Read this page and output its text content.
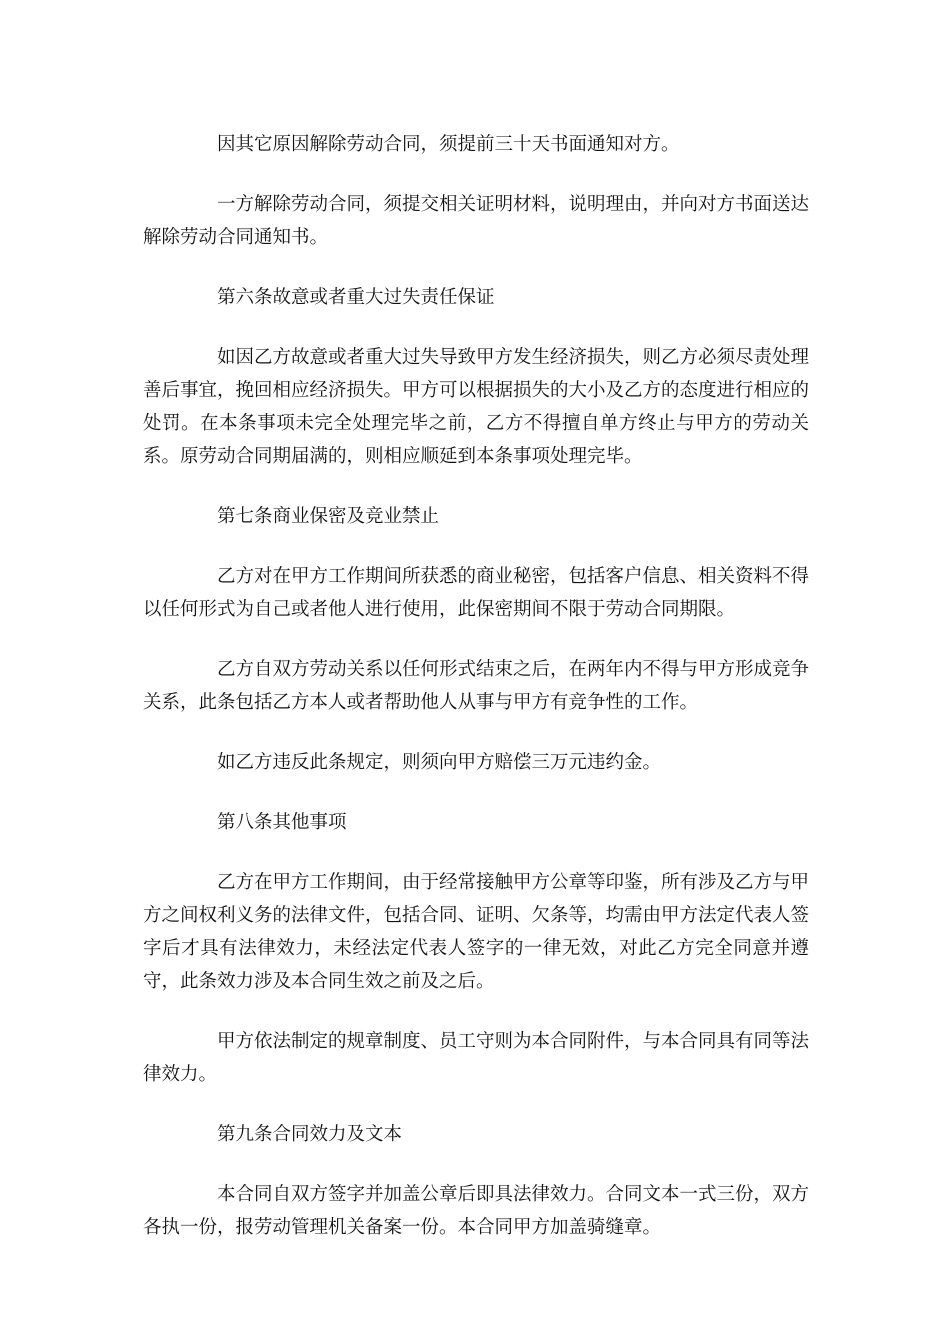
因其它原因解除劳动合同，须提前三十天书面通知对方。

一方解除劳动合同，须提交相关证明材料，说明理由，并向对方书面送达解除劳动合同通知书。

第六条故意或者重大过失责任保证

如因乙方故意或者重大过失导致甲方发生经济损失，则乙方必须尽责处理善后事宜，挽回相应经济损失。甲方可以根据损失的大小及乙方的态度进行相应的处罚。在本条事项未完全处理完毕之前，乙方不得擅自单方终止与甲方的劳动关系。原劳动合同期届满的，则相应顺延到本条事项处理完毕。

第七条商业保密及竞业禁止

乙方对在甲方工作期间所获悉的商业秘密，包括客户信息、相关资料不得以任何形式为自己或者他人进行使用，此保密期间不限于劳动合同期限。

乙方自双方劳动关系以任何形式结束之后，在两年内不得与甲方形成竞争关系，此条包括乙方本人或者帮助他人从事与甲方有竞争性的工作。

如乙方违反此条规定，则须向甲方赔偿三万元违约金。

第八条其他事项

乙方在甲方工作期间，由于经常接触甲方公章等印鉴，所有涉及乙方与甲方之间权利义务的法律文件，包括合同、证明、欠条等，均需由甲方法定代表人签字后才具有法律效力，未经法定代表人签字的一律无效，对此乙方完全同意并遵守，此条效力涉及本合同生效之前及之后。

甲方依法制定的规章制度、员工守则为本合同附件，与本合同具有同等法律效力。

第九条合同效力及文本

本合同自双方签字并加盖公章后即具法律效力。合同文本一式三份，双方各执一份，报劳动管理机关备案一份。本合同甲方加盖骑缝章。
